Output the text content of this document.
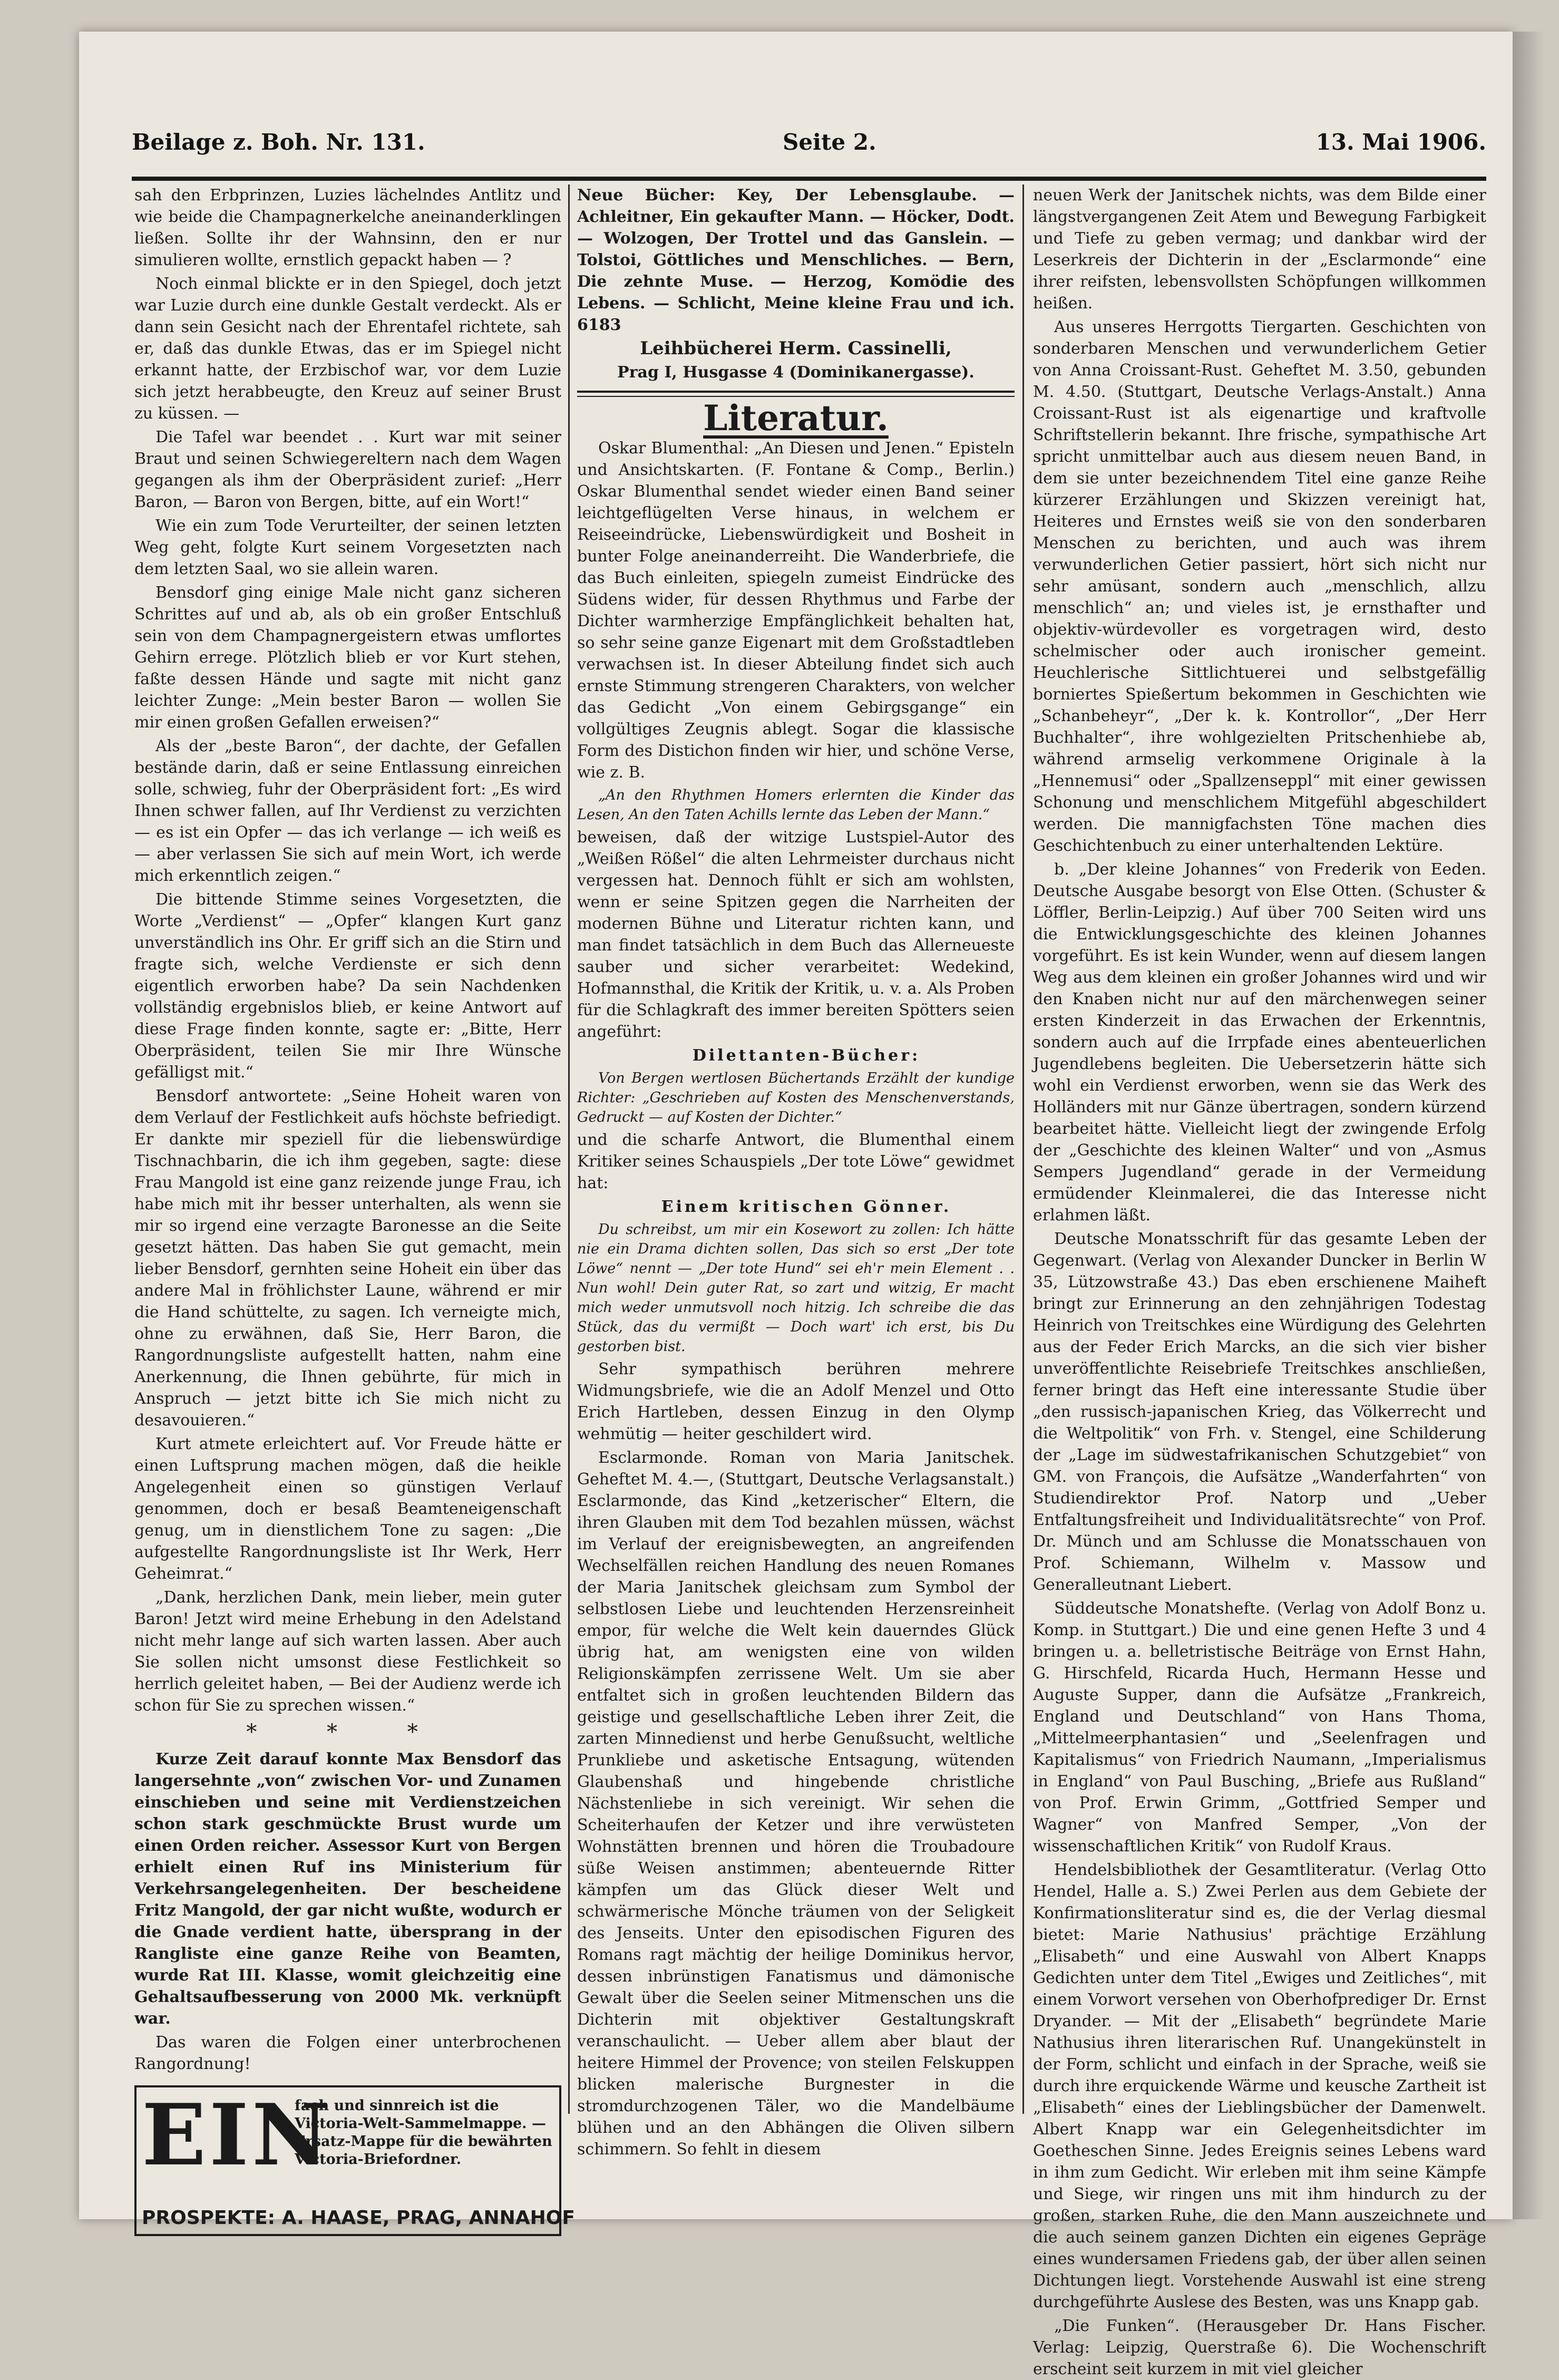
Beilage z. Boh. Nr. 131.	Seite 2.	13. Mai 1906.

sah den Erbprinzen, Luzies lächelndes Antlitz und wie beide die Champagnerkelche aneinanderklingen ließen. Sollte ihr der Wahnsinn, den er nur simulieren wollte, ernstlich gepackt haben — ?

Noch einmal blickte er in den Spiegel, doch jetzt war Luzie durch eine dunkle Gestalt verdeckt. Als er dann sein Gesicht nach der Ehrentafel richtete, sah er, daß das dunkle Etwas, das er im Spiegel nicht erkannt hatte, der Erzbischof war, vor dem Luzie sich jetzt herabbeugte, den Kreuz auf seiner Brust zu küssen. —

Die Tafel war beendet . . Kurt war mit seiner Braut und seinen Schwiegereltern nach dem Wagen gegangen als ihm der Oberpräsident zurief: „Herr Baron, — Baron von Bergen, bitte, auf ein Wort!“

Wie ein zum Tode Verurteilter, der seinen letzten Weg geht, folgte Kurt seinem Vorgesetzten nach dem letzten Saal, wo sie allein waren.

Bensdorf ging einige Male nicht ganz sicheren Schrittes auf und ab, als ob ein großer Entschluß sein von dem Champagnergeistern etwas umflortes Gehirn errege. Plötzlich blieb er vor Kurt stehen, faßte dessen Hände und sagte mit nicht ganz leichter Zunge: „Mein bester Baron — wollen Sie mir einen großen Gefallen erweisen?“

Als der „beste Baron“, der dachte, der Gefallen bestände darin, daß er seine Entlassung einreichen solle, schwieg, fuhr der Oberpräsident fort: „Es wird Ihnen schwer fallen, auf Ihr Verdienst zu verzichten — es ist ein Opfer — das ich verlange — ich weiß es — aber verlassen Sie sich auf mein Wort, ich werde mich erkenntlich zeigen.“

Die bittende Stimme seines Vorgesetzten, die Worte „Verdienst“ — „Opfer“ klangen Kurt ganz unverständlich ins Ohr. Er griff sich an die Stirn und fragte sich, welche Verdienste er sich denn eigentlich erworben habe? Da sein Nachdenken vollständig ergebnislos blieb, er keine Antwort auf diese Frage finden konnte, sagte er: „Bitte, Herr Oberpräsident, teilen Sie mir Ihre Wünsche gefälligst mit.“

Bensdorf antwortete: „Seine Hoheit waren von dem Verlauf der Festlichkeit aufs höchste befriedigt. Er dankte mir speziell für die liebenswürdige Tischnachbarin, die ich ihm gegeben, sagte: diese Frau Mangold ist eine ganz reizende junge Frau, ich habe mich mit ihr besser unterhalten, als wenn sie mir so irgend eine verzagte Baronesse an die Seite gesetzt hätten. Das haben Sie gut gemacht, mein lieber Bensdorf, gernhten seine Hoheit ein über das andere Mal in fröhlichster Laune, während er mir die Hand schüttelte, zu sagen. Ich verneigte mich, ohne zu erwähnen, daß Sie, Herr Baron, die Rangordnungsliste aufgestellt hatten, nahm eine Anerkennung, die Ihnen gebührte, für mich in Anspruch — jetzt bitte ich Sie mich nicht zu desavouieren.“

Kurt atmete erleichtert auf. Vor Freude hätte er einen Luftsprung machen mögen, daß die heikle Angelegenheit einen so günstigen Verlauf genommen, doch er besaß Beamteneigenschaft genug, um in dienstlichem Tone zu sagen: „Die aufgestellte Rangordnungsliste ist Ihr Werk, Herr Geheimrat.“

„Dank, herzlichen Dank, mein lieber, mein guter Baron! Jetzt wird meine Erhebung in den Adelstand nicht mehr lange auf sich warten lassen. Aber auch Sie sollen nicht umsonst diese Festlichkeit so herrlich geleitet haben, — Bei der Audienz werde ich schon für Sie zu sprechen wissen.“

* * *

Kurze Zeit darauf konnte Max Bensdorf das langersehnte „von“ zwischen Vor- und Zunamen einschieben und seine mit Verdienstzeichen schon stark geschmückte Brust wurde um einen Orden reicher. Assessor Kurt von Bergen erhielt einen Ruf ins Ministerium für Verkehrsangelegenheiten. Der bescheidene Fritz Mangold, der gar nicht wußte, wodurch er die Gnade verdient hatte, übersprang in der Rangliste eine ganze Reihe von Beamten, wurde Rat III. Klasse, womit gleichzeitig eine Gehaltsaufbesserung von 2000 Mk. verknüpft war.

Das waren die Folgen einer unterbrochenen Rangordnung!

EIN
fach und sinnreich ist die Victoria-Welt-Sammelmappe. — Ersatz-Mappe für die bewährten Victoria-Briefordner.
PROSPEKTE: A. HAASE, PRAG, ANNAHOF

Neue Bücher: Key, Der Lebensglaube. — Achleitner, Ein gekaufter Mann. — Höcker, Dodt. — Wolzogen, Der Trottel und das Ganslein. — Tolstoi, Göttliches und Menschliches. — Bern, Die zehnte Muse. — Herzog, Komödie des Lebens. — Schlicht, Meine kleine Frau und ich. 6183

Leihbücherei Herm. Cassinelli,

Prag I, Husgasse 4 (Dominikanergasse).

Literatur.

Oskar Blumenthal: „An Diesen und Jenen.“ Episteln und Ansichtskarten. (F. Fontane & Comp., Berlin.) Oskar Blumenthal sendet wieder einen Band seiner leichtgeflügelten Verse hinaus, in welchem er Reiseeindrücke, Liebenswürdigkeit und Bosheit in bunter Folge aneinanderreiht. Die Wanderbriefe, die das Buch einleiten, spiegeln zumeist Eindrücke des Südens wider, für dessen Rhythmus und Farbe der Dichter warmherzige Empfänglichkeit behalten hat, so sehr seine ganze Eigenart mit dem Großstadtleben verwachsen ist. In dieser Abteilung findet sich auch ernste Stimmung strengeren Charakters, von welcher das Gedicht „Von einem Gebirgsgange“ ein vollgültiges Zeugnis ablegt. Sogar die klassische Form des Distichon finden wir hier, und schöne Verse, wie z. B.

„An den Rhythmen Homers erlernten die Kinder das Lesen, An den Taten Achills lernte das Leben der Mann.“

beweisen, daß der witzige Lustspiel-Autor des „Weißen Rößel“ die alten Lehrmeister durchaus nicht vergessen hat. Dennoch fühlt er sich am wohlsten, wenn er seine Spitzen gegen die Narrheiten der modernen Bühne und Literatur richten kann, und man findet tatsächlich in dem Buch das Allerneueste sauber und sicher verarbeitet: Wedekind, Hofmannsthal, die Kritik der Kritik, u. v. a. Als Proben für die Schlagkraft des immer bereiten Spötters seien angeführt:

Dilettanten-Bücher:

Von Bergen wertlosen Büchertands Erzählt der kundige Richter: „Geschrieben auf Kosten des Menschenverstands, Gedruckt — auf Kosten der Dichter.“

und die scharfe Antwort, die Blumenthal einem Kritiker seines Schauspiels „Der tote Löwe“ gewidmet hat:

Einem kritischen Gönner.

Du schreibst, um mir ein Kosewort zu zollen: Ich hätte nie ein Drama dichten sollen, Das sich so erst „Der tote Löwe“ nennt — „Der tote Hund“ sei eh'r mein Element . . Nun wohl! Dein guter Rat, so zart und witzig, Er macht mich weder unmutsvoll noch hitzig. Ich schreibe die das Stück, das du vermißt — Doch wart' ich erst, bis Du gestorben bist.

Sehr sympathisch berühren mehrere Widmungsbriefe, wie die an Adolf Menzel und Otto Erich Hartleben, dessen Einzug in den Olymp wehmütig — heiter geschildert wird.

Esclarmonde. Roman von Maria Janitschek. Geheftet M. 4.—, (Stuttgart, Deutsche Verlagsanstalt.) Esclarmonde, das Kind „ketzerischer“ Eltern, die ihren Glauben mit dem Tod bezahlen müssen, wächst im Verlauf der ereignisbewegten, an angreifenden Wechselfällen reichen Handlung des neuen Romanes der Maria Janitschek gleichsam zum Symbol der selbstlosen Liebe und leuchtenden Herzensreinheit empor, für welche die Welt kein dauerndes Glück übrig hat, am wenigsten eine von wilden Religionskämpfen zerrissene Welt. Um sie aber entfaltet sich in großen leuchtenden Bildern das geistige und gesellschaftliche Leben ihrer Zeit, die zarten Minnedienst und herbe Genußsucht, weltliche Prunkliebe und asketische Entsagung, wütenden Glaubenshaß und hingebende christliche Nächstenliebe in sich vereinigt. Wir sehen die Scheiterhaufen der Ketzer und ihre verwüsteten Wohnstätten brennen und hören die Troubadoure süße Weisen anstimmen; abenteuernde Ritter kämpfen um das Glück dieser Welt und schwärmerische Mönche träumen von der Seligkeit des Jenseits. Unter den episodischen Figuren des Romans ragt mächtig der heilige Dominikus hervor, dessen inbrünstigen Fanatismus und dämonische Gewalt über die Seelen seiner Mitmenschen uns die Dichterin mit objektiver Gestaltungskraft veranschaulicht. — Ueber allem aber blaut der heitere Himmel der Provence; von steilen Felskuppen blicken malerische Burgnester in die stromdurchzogenen Täler, wo die Mandelbäume blühen und an den Abhängen die Oliven silbern schimmern. So fehlt in diesem

neuen Werk der Janitschek nichts, was dem Bilde einer längstvergangenen Zeit Atem und Bewegung Farbigkeit und Tiefe zu geben vermag; und dankbar wird der Leserkreis der Dichterin in der „Esclarmonde“ eine ihrer reifsten, lebensvollsten Schöpfungen willkommen heißen.

Aus unseres Herrgotts Tiergarten. Geschichten von sonderbaren Menschen und verwunderlichem Getier von Anna Croissant-Rust. Geheftet M. 3.50, gebunden M. 4.50. (Stuttgart, Deutsche Verlags-Anstalt.) Anna Croissant-Rust ist als eigenartige und kraftvolle Schriftstellerin bekannt. Ihre frische, sympathische Art spricht unmittelbar auch aus diesem neuen Band, in dem sie unter bezeichnendem Titel eine ganze Reihe kürzerer Erzählungen und Skizzen vereinigt hat, Heiteres und Ernstes weiß sie von den sonderbaren Menschen zu berichten, und auch was ihrem verwunderlichen Getier passiert, hört sich nicht nur sehr amüsant, sondern auch „menschlich, allzu menschlich“ an; und vieles ist, je ernsthafter und objektiv-würdevoller es vorgetragen wird, desto schelmischer oder auch ironischer gemeint. Heuchlerische Sittlichtuerei und selbstgefällig borniertes Spießertum bekommen in Geschichten wie „Schanbeheyr“, „Der k. k. Kontrollor“, „Der Herr Buchhalter“, ihre wohlgezielten Pritschenhiebe ab, während armselig verkommene Originale à la „Hennemusi“ oder „Spallzenseppl“ mit einer gewissen Schonung und menschlichem Mitgefühl abgeschildert werden. Die mannigfachsten Töne machen dies Geschichtenbuch zu einer unterhaltenden Lektüre.

b. „Der kleine Johannes“ von Frederik von Eeden. Deutsche Ausgabe besorgt von Else Otten. (Schuster & Löffler, Berlin-Leipzig.) Auf über 700 Seiten wird uns die Entwicklungsgeschichte des kleinen Johannes vorgeführt. Es ist kein Wunder, wenn auf diesem langen Weg aus dem kleinen ein großer Johannes wird und wir den Knaben nicht nur auf den märchenwegen seiner ersten Kinderzeit in das Erwachen der Erkenntnis, sondern auch auf die Irrpfade eines abenteuerlichen Jugendlebens begleiten. Die Uebersetzerin hätte sich wohl ein Verdienst erworben, wenn sie das Werk des Holländers mit nur Gänze übertragen, sondern kürzend bearbeitet hätte. Vielleicht liegt der zwingende Erfolg der „Geschichte des kleinen Walter“ und von „Asmus Sempers Jugendland“ gerade in der Vermeidung ermüdender Kleinmalerei, die das Interesse nicht erlahmen läßt.

Deutsche Monatsschrift für das gesamte Leben der Gegenwart. (Verlag von Alexander Duncker in Berlin W 35, Lützowstraße 43.) Das eben erschienene Maiheft bringt zur Erinnerung an den zehnjährigen Todestag Heinrich von Treitschkes eine Würdigung des Gelehrten aus der Feder Erich Marcks, an die sich vier bisher unveröffentlichte Reisebriefe Treitschkes anschließen, ferner bringt das Heft eine interessante Studie über „den russisch-japanischen Krieg, das Völkerrecht und die Weltpolitik“ von Frh. v. Stengel, eine Schilderung der „Lage im südwestafrikanischen Schutzgebiet“ von GM. von François, die Aufsätze „Wanderfahrten“ von Studiendirektor Prof. Natorp und „Ueber Entfaltungsfreiheit und Individualitätsrechte“ von Prof. Dr. Münch und am Schlusse die Monatsschauen von Prof. Schiemann, Wilhelm v. Massow und Generalleutnant Liebert.

Süddeutsche Monatshefte. (Verlag von Adolf Bonz u. Komp. in Stuttgart.) Die und eine genen Hefte 3 und 4 bringen u. a. belletristische Beiträge von Ernst Hahn, G. Hirschfeld, Ricarda Huch, Hermann Hesse und Auguste Supper, dann die Aufsätze „Frankreich, England und Deutschland“ von Hans Thoma, „Mittelmeerphantasien“ und „Seelenfragen und Kapitalismus“ von Friedrich Naumann, „Imperialismus in England“ von Paul Busching, „Briefe aus Rußland“ von Prof. Erwin Grimm, „Gottfried Semper und Wagner“ von Manfred Semper, „Von der wissenschaftlichen Kritik“ von Rudolf Kraus.

Hendelsbibliothek der Gesamtliteratur. (Verlag Otto Hendel, Halle a. S.) Zwei Perlen aus dem Gebiete der Konfirmationsliteratur sind es, die der Verlag diesmal bietet: Marie Nathusius' prächtige Erzählung „Elisabeth“ und eine Auswahl von Albert Knapps Gedichten unter dem Titel „Ewiges und Zeitliches“, mit einem Vorwort versehen von Oberhofprediger Dr. Ernst Dryander. — Mit der „Elisabeth“ begründete Marie Nathusius ihren literarischen Ruf. Unangekünstelt in der Form, schlicht und einfach in der Sprache, weiß sie durch ihre erquickende Wärme und keusche Zartheit ist „Elisabeth“ eines der Lieblingsbücher der Damenwelt. Albert Knapp war ein Gelegenheitsdichter im Goetheschen Sinne. Jedes Ereignis seines Lebens ward in ihm zum Gedicht. Wir erleben mit ihm seine Kämpfe und Siege, wir ringen uns mit ihm hindurch zu der großen, starken Ruhe, die den Mann auszeichnete und die auch seinem ganzen Dichten ein eigenes Gepräge eines wundersamen Friedens gab, der über allen seinen Dichtungen liegt. Vorstehende Auswahl ist eine streng durchgeführte Auslese des Besten, was uns Knapp gab.

„Die Funken“. (Herausgeber Dr. Hans Fischer. Verlag: Leipzig, Querstraße 6). Die Wochenschrift erscheint seit kurzem in mit viel gleicher
